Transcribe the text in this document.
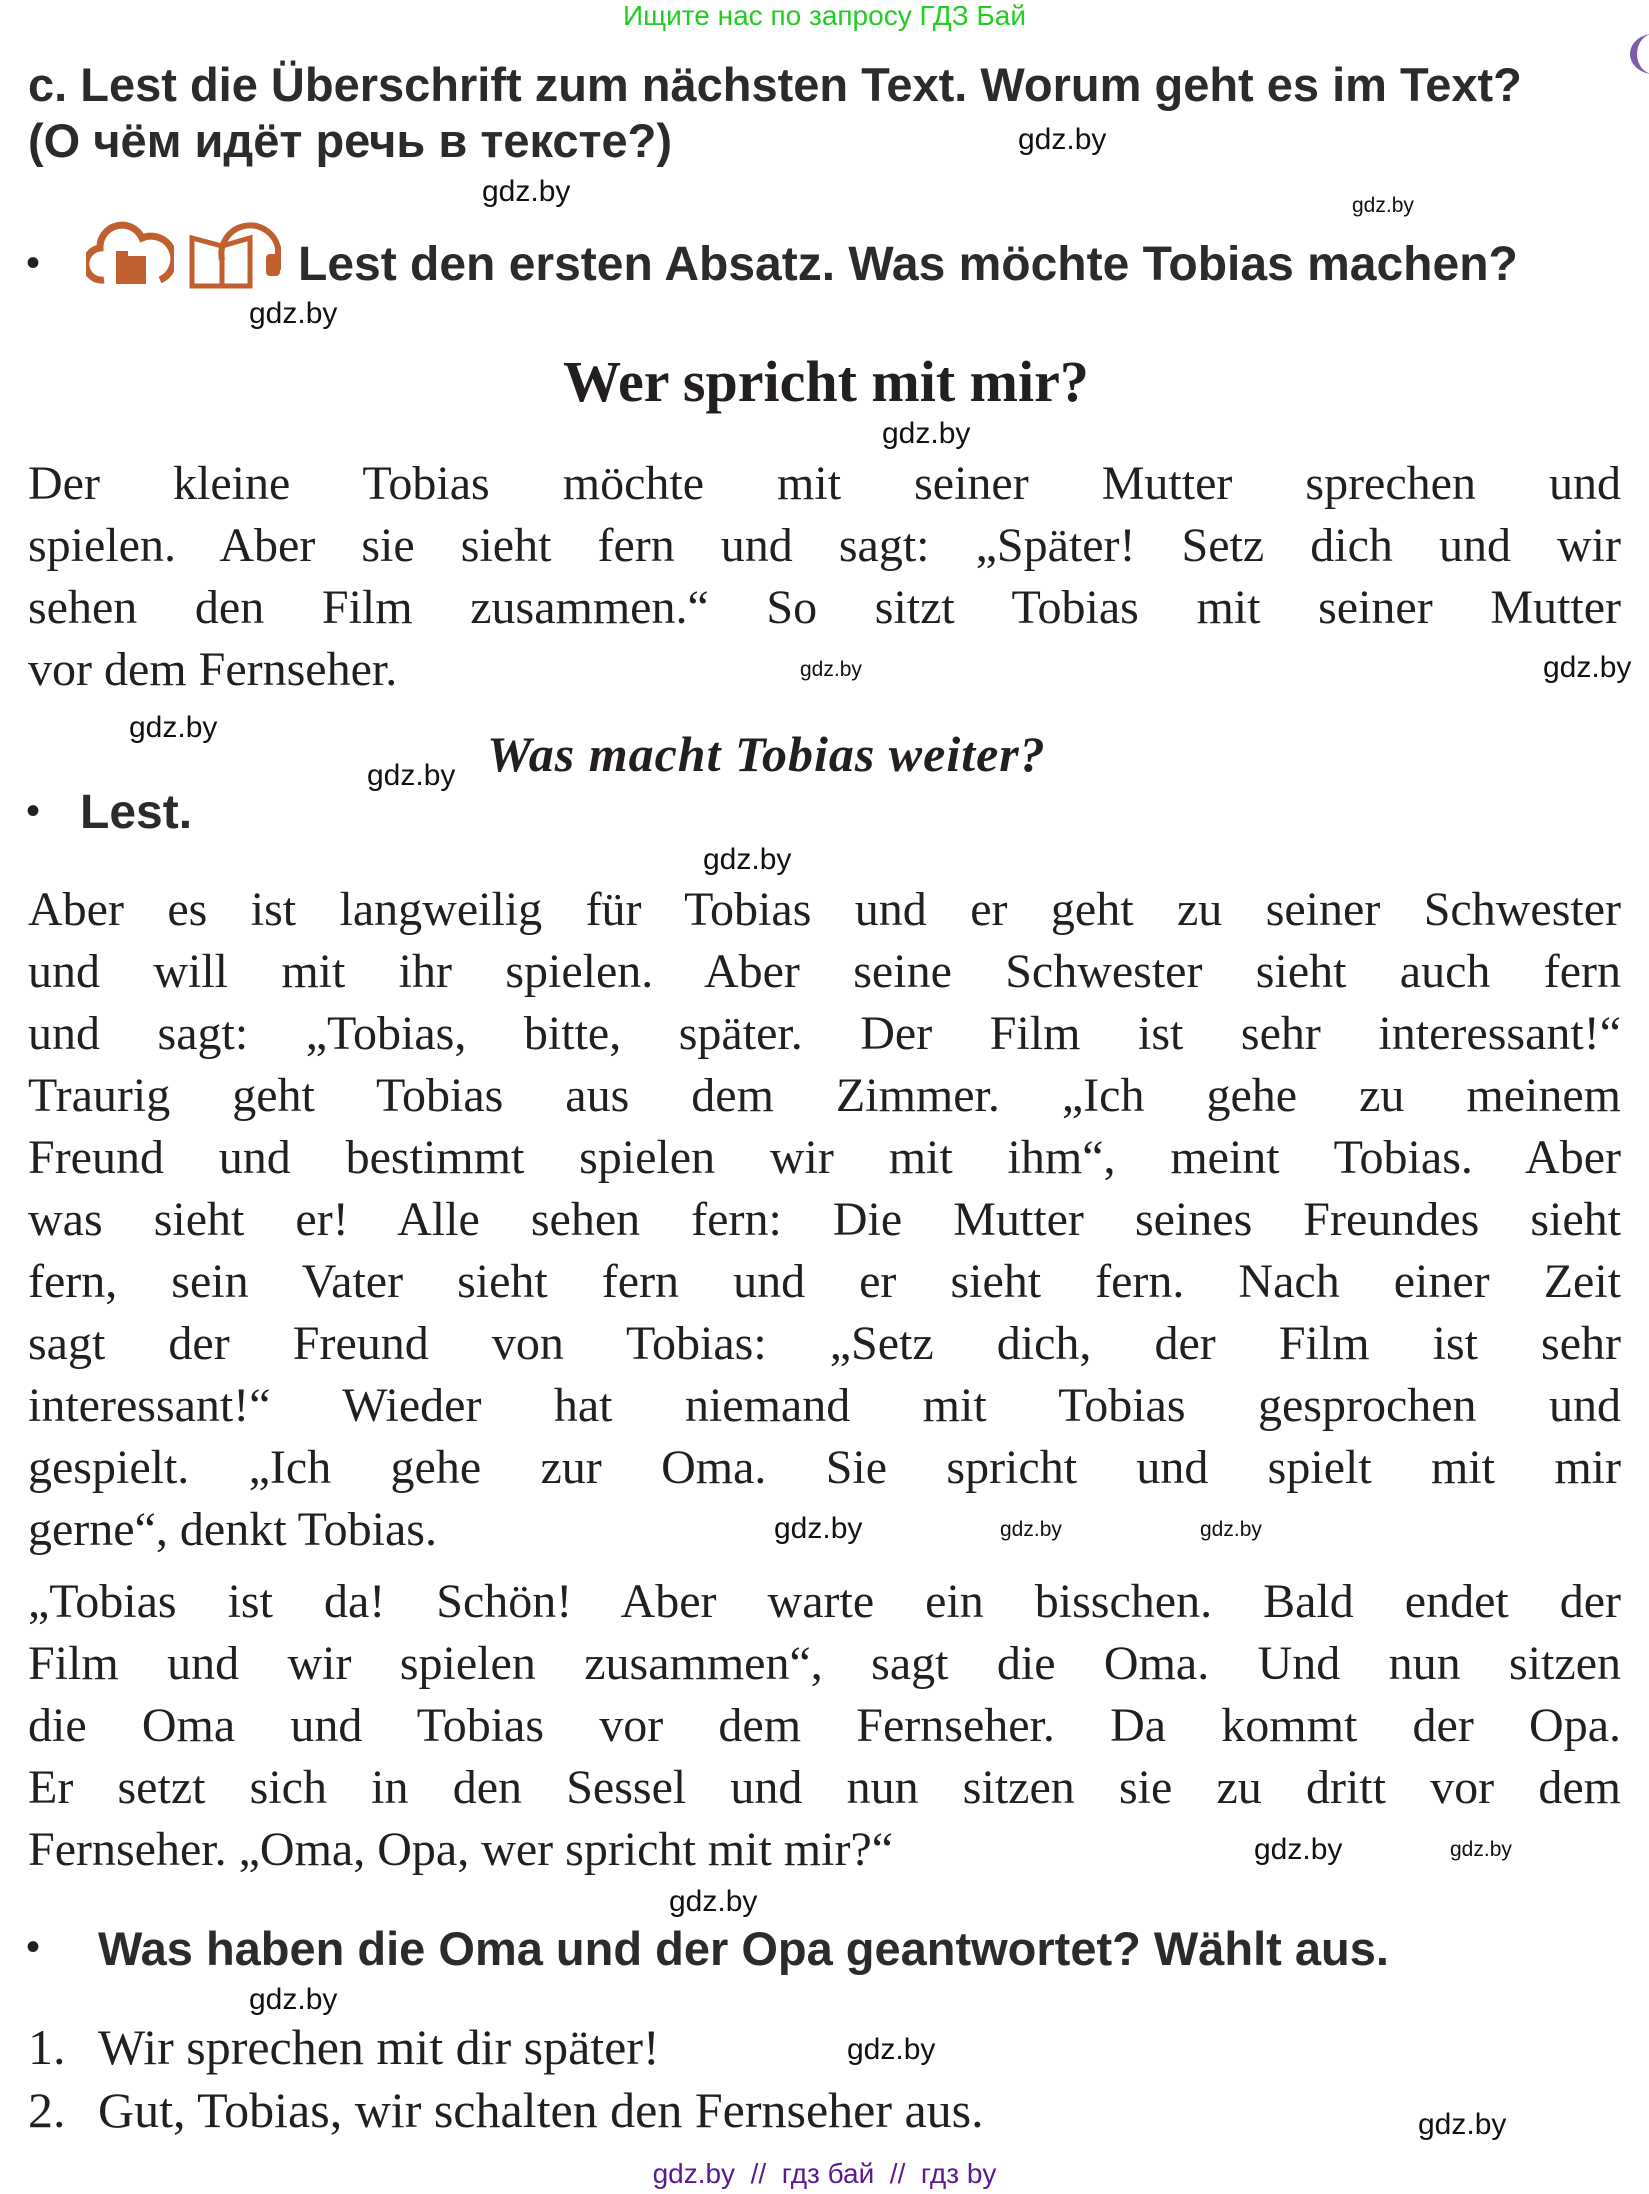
Ищите нас по запросу ГДЗ Бай
c. Lest die Überschrift zum nächsten Text. Worum geht es im Text?
(О чём идёт речь в тексте?)
•	Lest den ersten Absatz. Was möchte Tobias machen?
Wer spricht mit mir?
Der kleine Tobias möchte mit seiner Mutter sprechen und
spielen. Aber sie sieht fern und sagt: „Später! Setz dich und wir
sehen den Film zusammen.“ So sitzt Tobias mit seiner Mutter
vor dem Fernseher.
Was macht Tobias weiter?
• Lest.
Aber es ist langweilig für Tobias und er geht zu seiner Schwester
und will mit ihr spielen. Aber seine Schwester sieht auch fern
und sagt: „Tobias, bitte, später. Der Film ist sehr interessant!“
Traurig geht Tobias aus dem Zimmer. „Ich gehe zu meinem
Freund und bestimmt spielen wir mit ihm“, meint Tobias. Aber
was sieht er! Alle sehen fern: Die Mutter seines Freundes sieht
fern, sein Vater sieht fern und er sieht fern. Nach einer Zeit
sagt der Freund von Tobias: „Setz dich, der Film ist sehr
interessant!“ Wieder hat niemand mit Tobias gesprochen und
gespielt. „Ich gehe zur Oma. Sie spricht und spielt mit mir
gerne“, denkt Tobias.
„Tobias ist da! Schön! Aber warte ein bisschen. Bald endet der
Film und wir spielen zusammen“, sagt die Oma. Und nun sitzen
die Oma und Tobias vor dem Fernseher. Da kommt der Opa.
Er setzt sich in den Sessel und nun sitzen sie zu dritt vor dem
Fernseher. „Oma, Opa, wer spricht mit mir?“
• Was haben die Oma und der Opa geantwortet? Wählt aus.
1. Wir sprechen mit dir später!
2. Gut, Tobias, wir schalten den Fernseher aus.
gdz.by
gdz.by	gdz.by
gdz.by
gdz.by
gdz.by
gdz.by
gdz.by
gdz.by
gdz.by
gdz.by	gdz.by
gdz.by
gdz.by
gdz.by
gdz.by
gdz.by
gdz.by
gdz.by
gdz.by  //  гдз бай  //  гдз by
